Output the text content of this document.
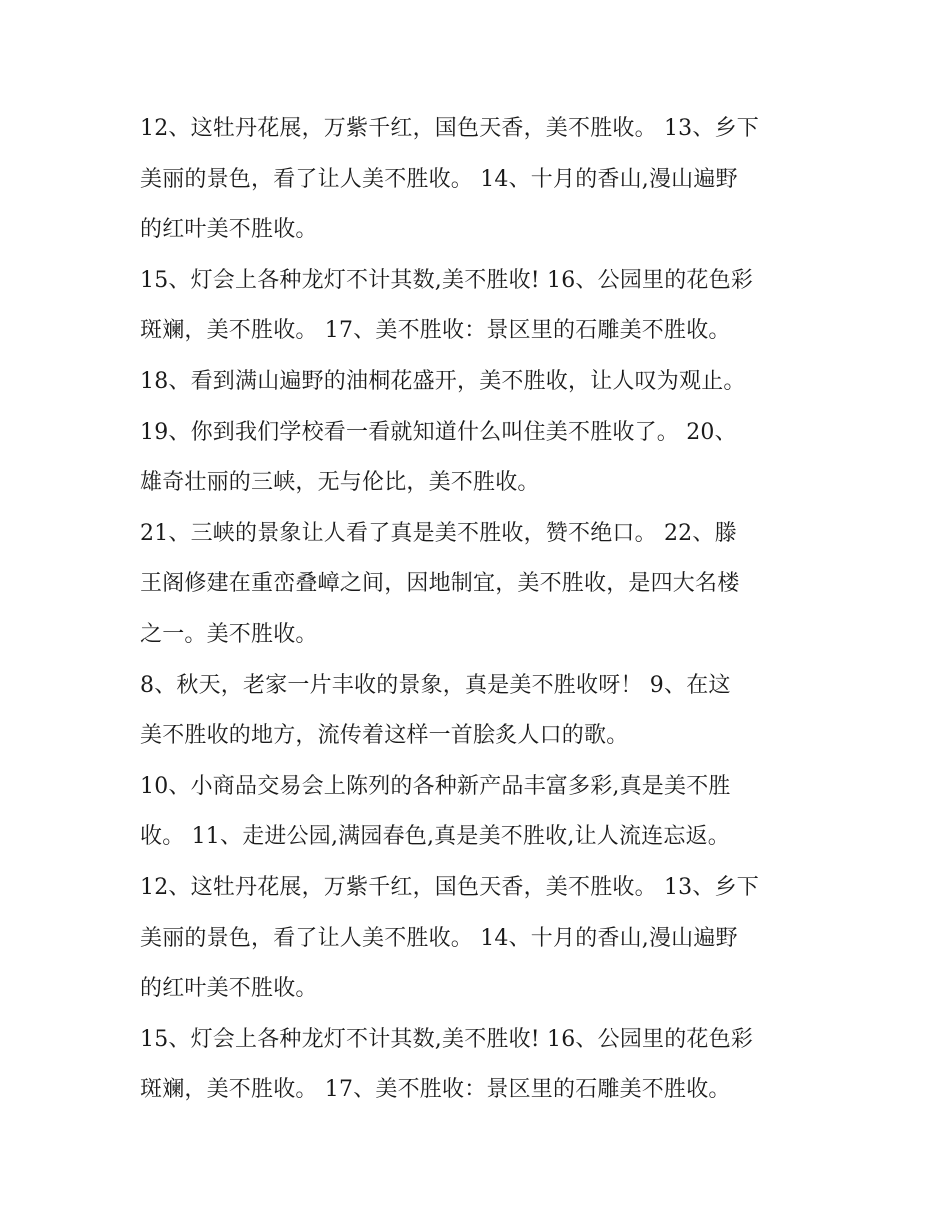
12、这牡丹花展，万紫千红，国色天香，美不胜收。 13、乡下
美丽的景色，看了让人美不胜收。 14、十月的香山,漫山遍野
的红叶美不胜收。
15、灯会上各种龙灯不计其数,美不胜收! 16、公园里的花色彩
斑斓，美不胜收。 17、美不胜收：景区里的石雕美不胜收。
18、看到满山遍野的油桐花盛开，美不胜收，让人叹为观止。
19、你到我们学校看一看就知道什么叫住美不胜收了。 20、
雄奇壮丽的三峡，无与伦比，美不胜收。
21、三峡的景象让人看了真是美不胜收，赞不绝口。 22、滕
王阁修建在重峦叠嶂之间，因地制宜，美不胜收，是四大名楼
之一。美不胜收。
8、秋天，老家一片丰收的景象，真是美不胜收呀！ 9、在这
美不胜收的地方，流传着这样一首脍炙人口的歌。
10、小商品交易会上陈列的各种新产品丰富多彩,真是美不胜
收。 11、走进公园,满园春色,真是美不胜收,让人流连忘返。
12、这牡丹花展，万紫千红，国色天香，美不胜收。 13、乡下
美丽的景色，看了让人美不胜收。 14、十月的香山,漫山遍野
的红叶美不胜收。
15、灯会上各种龙灯不计其数,美不胜收! 16、公园里的花色彩
斑斓，美不胜收。 17、美不胜收：景区里的石雕美不胜收。
